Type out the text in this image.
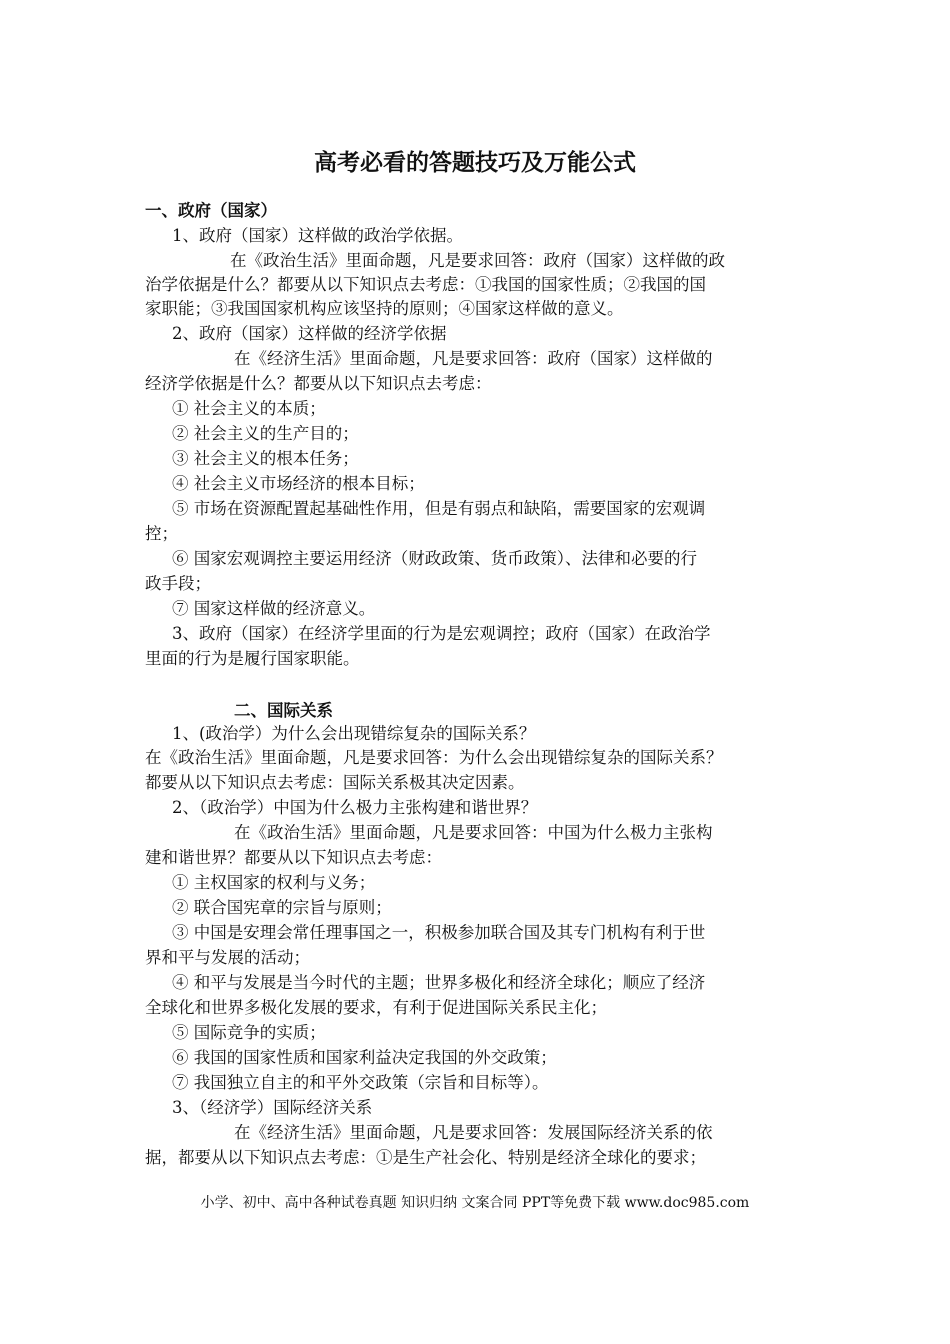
高考必看的答题技巧及万能公式
一、政府（国家）
1、政府（国家）这样做的政治学依据。
在《政治生活》里面命题，凡是要求回答：政府（国家）这样做的政
治学依据是什么？都要从以下知识点去考虑：①我国的国家性质；②我国的国
家职能；③我国国家机构应该坚持的原则；④国家这样做的意义。
2、政府（国家）这样做的经济学依据
在《经济生活》里面命题，凡是要求回答：政府（国家）这样做的
经济学依据是什么？都要从以下知识点去考虑：
① 社会主义的本质；
② 社会主义的生产目的；
③ 社会主义的根本任务；
④ 社会主义市场经济的根本目标；
⑤ 市场在资源配置起基础性作用，但是有弱点和缺陷，需要国家的宏观调
控；
⑥ 国家宏观调控主要运用经济（财政政策、货币政策）、法律和必要的行
政手段；
⑦ 国家这样做的经济意义。
3、政府（国家）在经济学里面的行为是宏观调控；政府（国家）在政治学
里面的行为是履行国家职能。
二、国际关系
1、(政治学）为什么会出现错综复杂的国际关系？
在《政治生活》里面命题，凡是要求回答：为什么会出现错综复杂的国际关系？
都要从以下知识点去考虑：国际关系极其决定因素。
2、（政治学）中国为什么极力主张构建和谐世界？
在《政治生活》里面命题，凡是要求回答：中国为什么极力主张构
建和谐世界？都要从以下知识点去考虑：
① 主权国家的权利与义务；
② 联合国宪章的宗旨与原则；
③ 中国是安理会常任理事国之一，积极参加联合国及其专门机构有利于世
界和平与发展的活动；
④ 和平与发展是当今时代的主题；世界多极化和经济全球化；顺应了经济
全球化和世界多极化发展的要求，有利于促进国际关系民主化；
⑤ 国际竞争的实质；
⑥ 我国的国家性质和国家利益决定我国的外交政策；
⑦ 我国独立自主的和平外交政策（宗旨和目标等）。
3、（经济学）国际经济关系
在《经济生活》里面命题，凡是要求回答：发展国际经济关系的依
据，都要从以下知识点去考虑：①是生产社会化、特别是经济全球化的要求；
小学、初中、高中各种试卷真题 知识归纳 文案合同 PPT等免费下载 www.doc985.com
